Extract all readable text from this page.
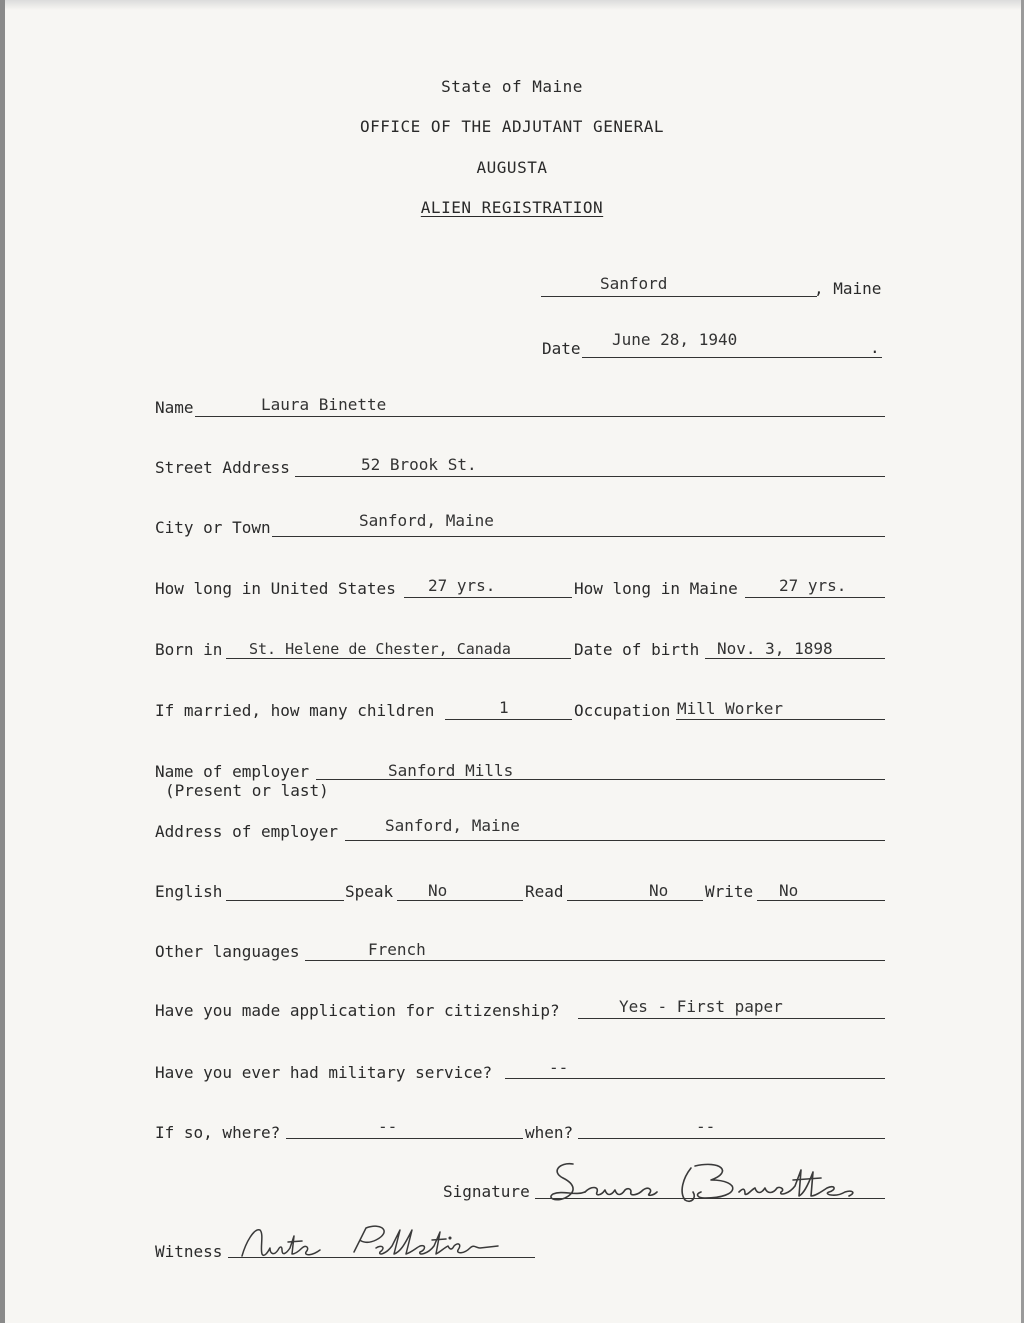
State of Maine
OFFICE OF THE ADJUTANT GENERAL
AUGUSTA
ALIEN REGISTRATION
Sanford	, Maine
Date June 28, 1940	.
Name	Laura Binette
Street Address	52 Brook St.
City or Town	Sanford, Maine
How long in United States 27 yrs.	How long in Maine	27 yrs.
Born in St. Helene de Chester, Canada	Date of birth Nov. 3, 1898
If married, how many children	1	Occupation Mill Worker
Name of employer	Sanford Mills
(Present or last)
Address of employer	Sanford, Maine
English	Speak No	Read	No Write No
Other languages	French
Have you made application for citizenship?	Yes - First paper
Have you ever had military service?	--
If so, where?	--	when?	--
Signature
Witness
